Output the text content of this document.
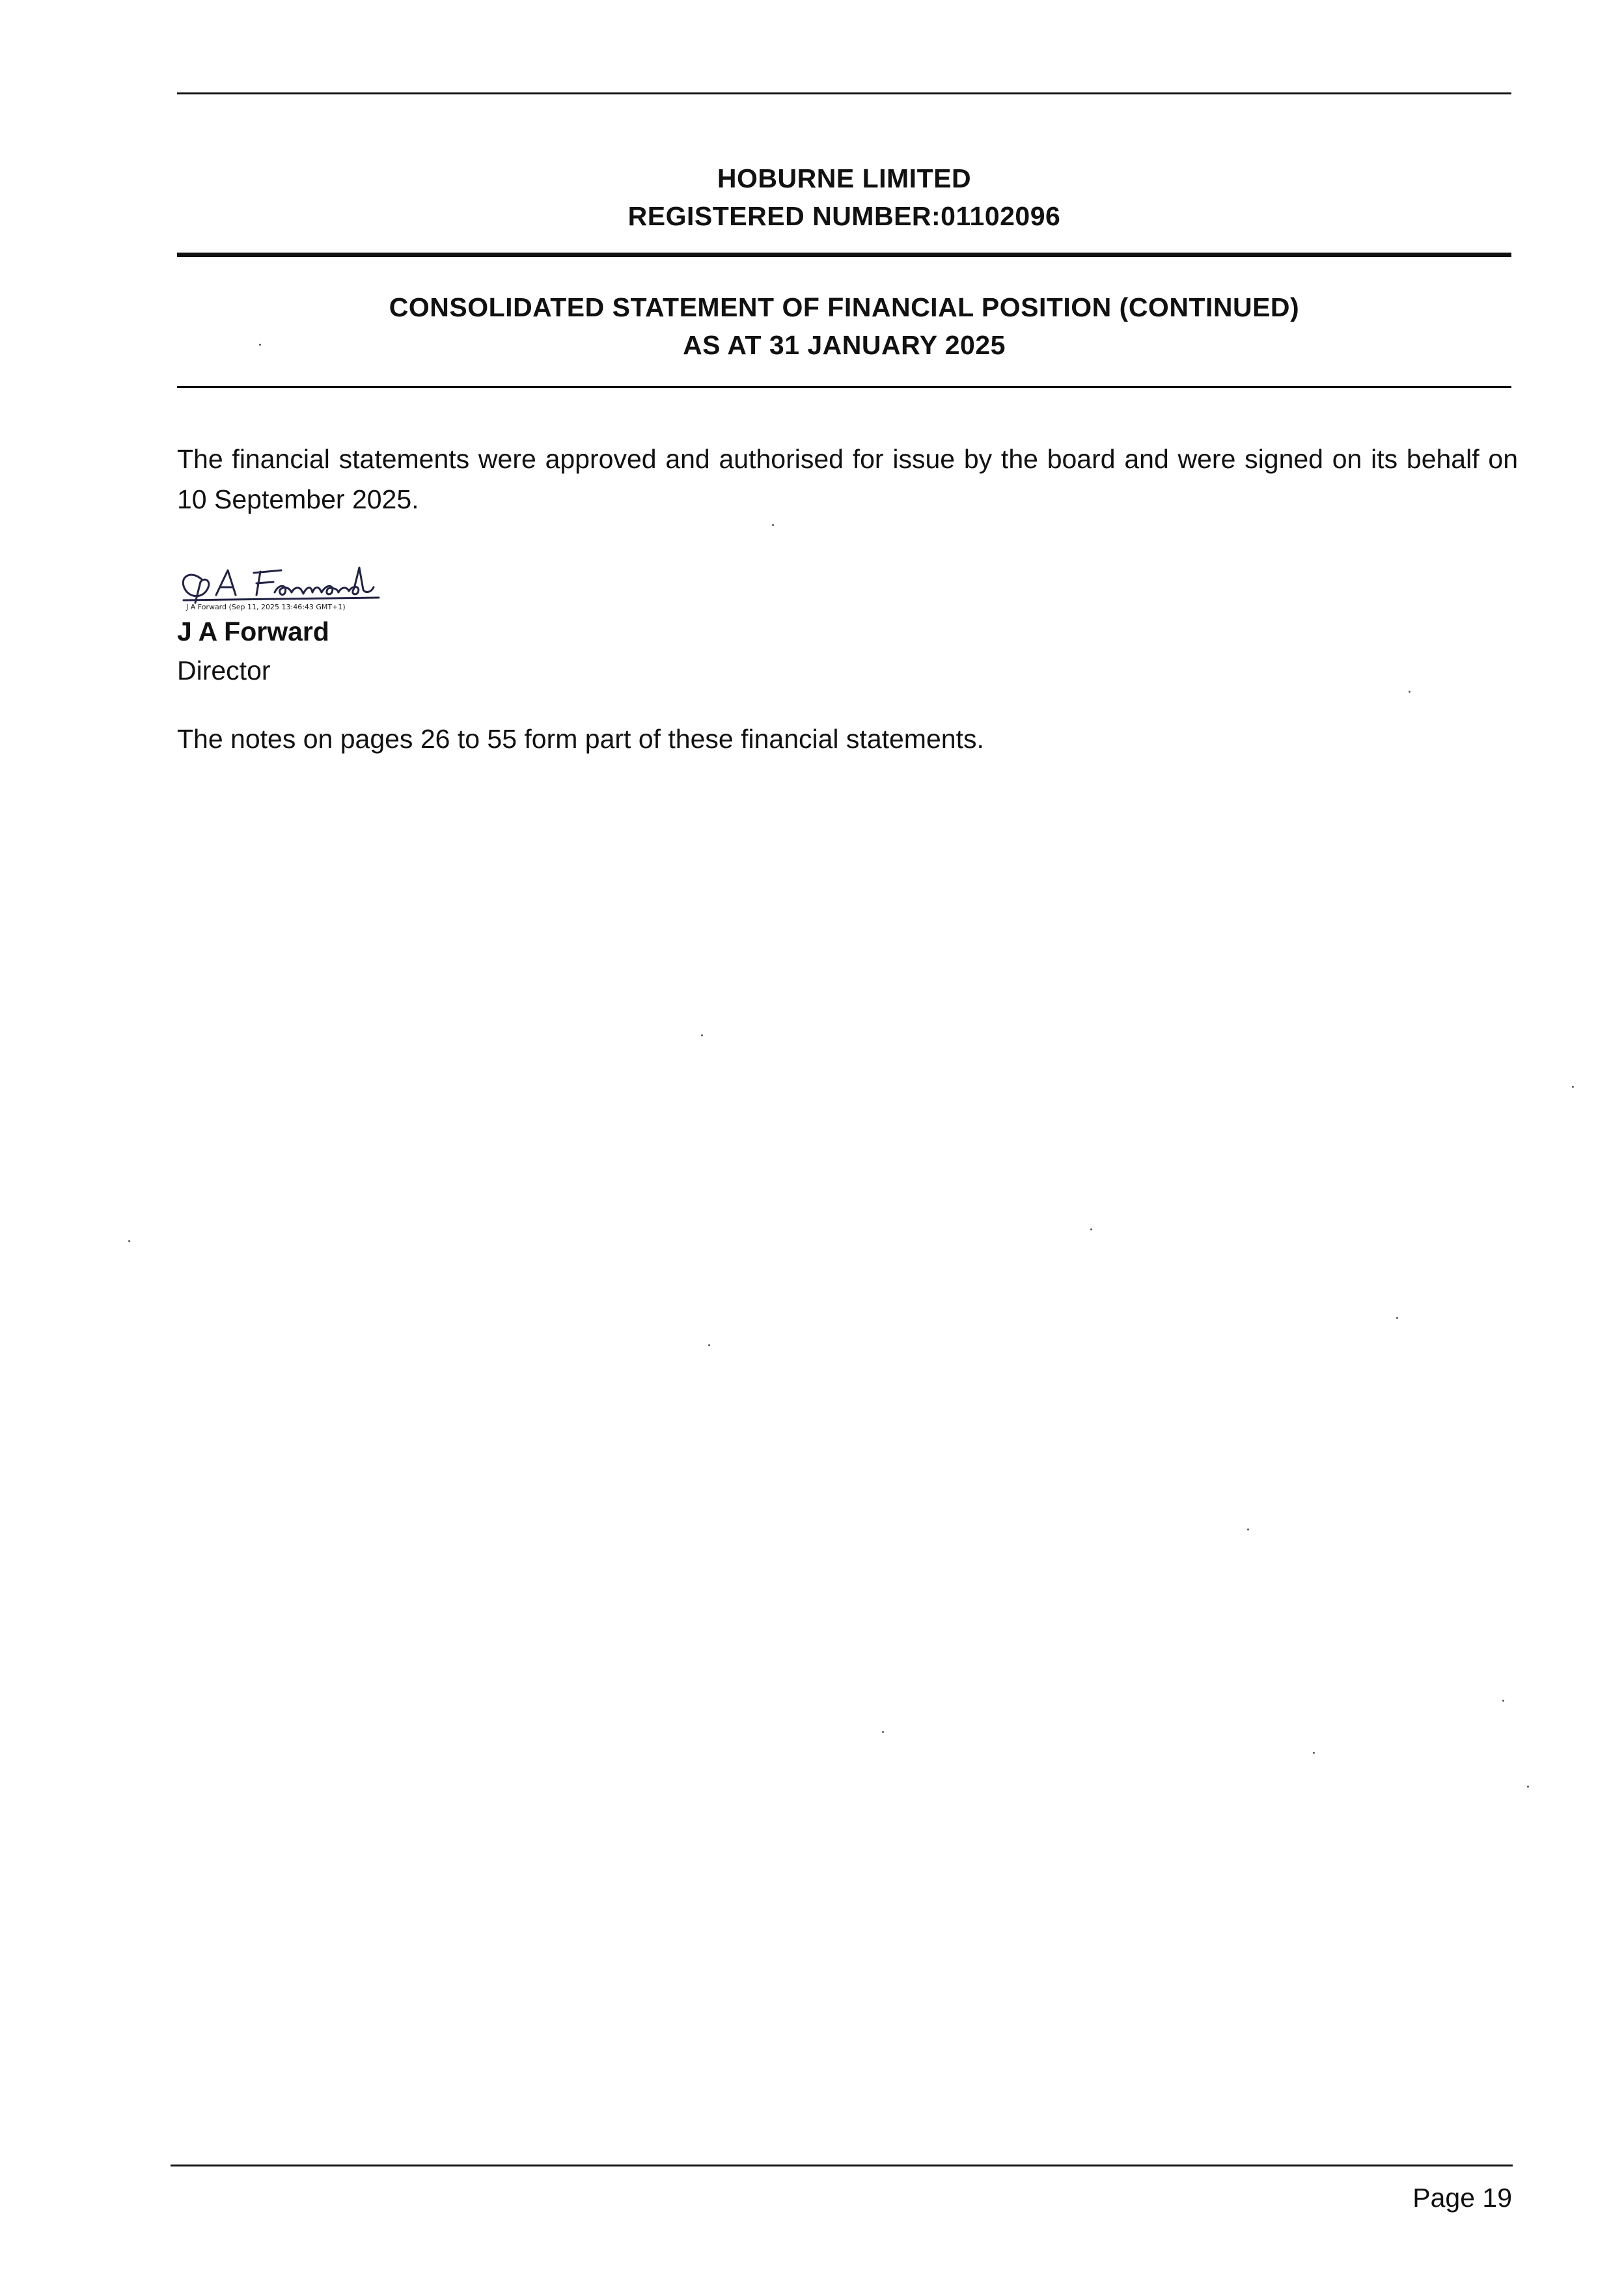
HOBURNE LIMITED
REGISTERED NUMBER:01102096
CONSOLIDATED STATEMENT OF FINANCIAL POSITION (CONTINUED)
AS AT 31 JANUARY 2025
The financial statements were approved and authorised for issue by the board and were signed on its behalf on 10 September 2025.
J A Forward (Sep 11, 2025 13:46:43 GMT+1)
J A Forward
Director
The notes on pages 26 to 55 form part of these financial statements.
Page 19
